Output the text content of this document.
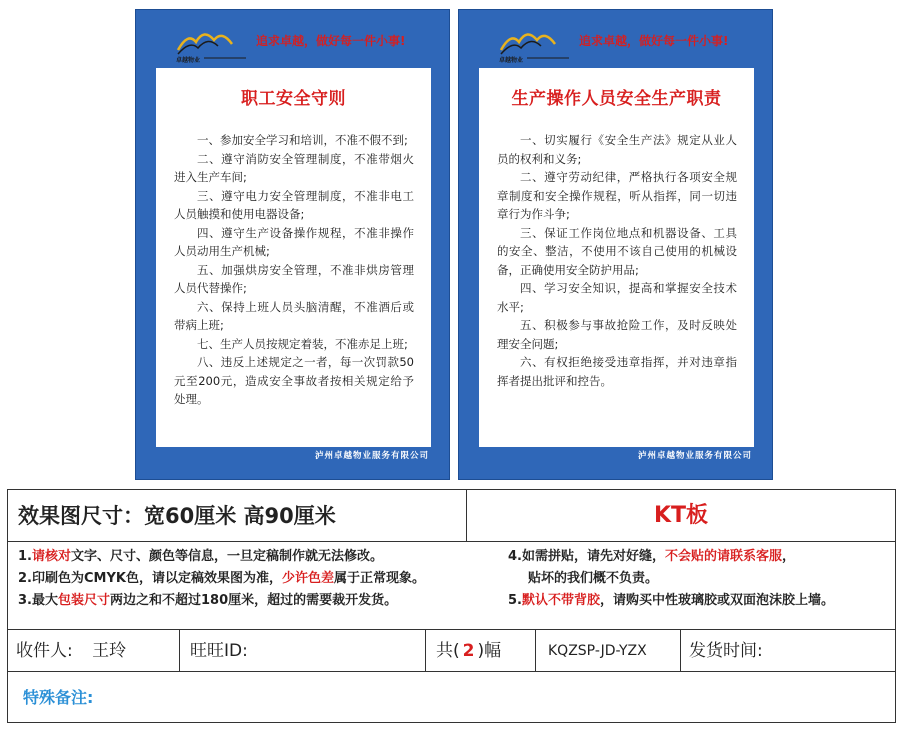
卓越物业
追求卓越，做好每一件小事!
职工安全守则

一、参加安全学习和培训，不准不假不到;

二、遵守消防安全管理制度，不准带烟火进入生产车间;

三、遵守电力安全管理制度，不准非电工人员触摸和使用电器设备;

四、遵守生产设备操作规程，不准非操作人员动用生产机械;

五、加强烘房安全管理，不准非烘房管理人员代替操作;

六、保持上班人员头脑清醒，不准酒后或带病上班;

七、生产人员按规定着装，不准赤足上班;

八、违反上述规定之一者，每一次罚款50元至200元，造成安全事故者按相关规定给予处理。

泸州卓越物业服务有限公司
卓越物业
追求卓越，做好每一件小事!
生产操作人员安全生产职责

一、切实履行《安全生产法》规定从业人员的权利和义务;

二、遵守劳动纪律，严格执行各项安全规章制度和安全操作规程，听从指挥，同一切违章行为作斗争;

三、保证工作岗位地点和机器设备、工具的安全、整洁，不使用不该自己使用的机械设备，正确使用安全防护用品;

四、学习安全知识，提高和掌握安全技术水平;

五、积极参与事故抢险工作，及时反映处理安全问题;

六、有权拒绝接受违章指挥，并对违章指挥者提出批评和控告。

泸州卓越物业服务有限公司
效果图尺寸：宽60厘米 高90厘米	KT板
1.请核对文字、尺寸、颜色等信息，一旦定稿制作就无法修改。
2.印刷色为CMYK色，请以定稿效果图为准，少许色差属于正常现象。
3.最大包装尺寸两边之和不超过180厘米，超过的需要裁开发货。
4.如需拼贴，请先对好缝，不会贴的请联系客服，
贴坏的我们概不负责。
5.默认不带背胶，请购买中性玻璃胶或双面泡沫胶上墙。
收件人: 王玲	旺旺ID:	共( 2 )幅	KQZSP-JD-YZX 发货时间:
特殊备注:
